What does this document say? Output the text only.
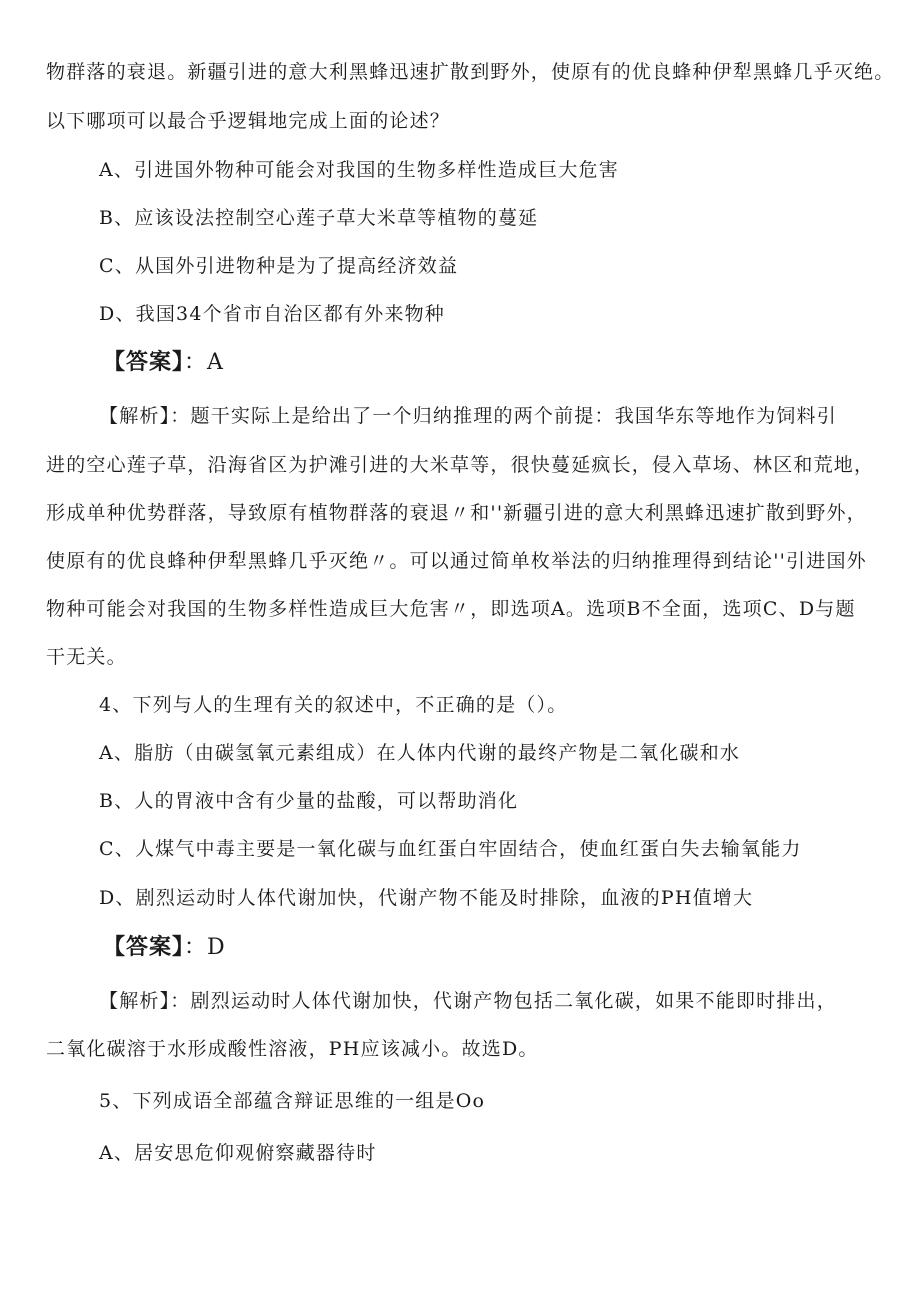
物群落的衰退。新疆引进的意大利黑蜂迅速扩散到野外，使原有的优良蜂种伊犁黑蜂几乎灭绝。
以下哪项可以最合乎逻辑地完成上面的论述？
A、引进国外物种可能会对我国的生物多样性造成巨大危害
B、应该设法控制空心莲子草大米草等植物的蔓延
C、从国外引进物种是为了提高经济效益
D、我国34个省市自治区都有外来物种
【答案】：A
【解析】：题干实际上是给出了一个归纳推理的两个前提：我国华东等地作为饲料引
进的空心莲子草，沿海省区为护滩引进的大米草等，很快蔓延疯长，侵入草场、林区和荒地，
形成单种优势群落，导致原有植物群落的衰退〃和''新疆引进的意大利黑蜂迅速扩散到野外，
使原有的优良蜂种伊犁黑蜂几乎灭绝〃。可以通过简单枚举法的归纳推理得到结论''引进国外
物种可能会对我国的生物多样性造成巨大危害〃，即选项A。选项B不全面，选项C、D与题
干无关。
4、下列与人的生理有关的叙述中，不正确的是（）。
A、脂肪（由碳氢氧元素组成）在人体内代谢的最终产物是二氧化碳和水
B、人的胃液中含有少量的盐酸，可以帮助消化
C、人煤气中毒主要是一氧化碳与血红蛋白牢固结合，使血红蛋白失去输氧能力
D、剧烈运动时人体代谢加快，代谢产物不能及时排除，血液的PH值增大
【答案】：D
【解析】：剧烈运动时人体代谢加快，代谢产物包括二氧化碳，如果不能即时排出，
二氧化碳溶于水形成酸性溶液，PH应该减小。故选D。
5、下列成语全部蕴含辩证思维的一组是Oo
A、居安思危仰观俯察藏器待时
